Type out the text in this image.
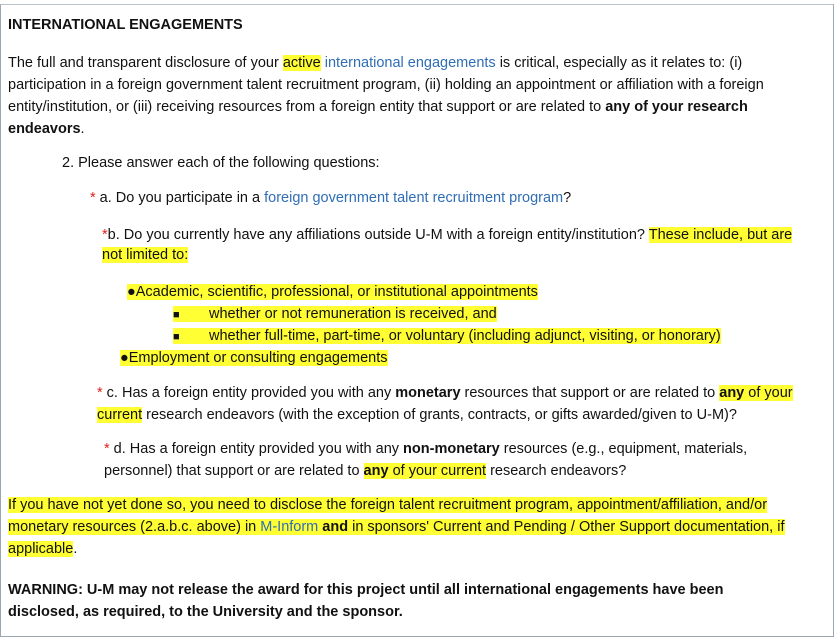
INTERNATIONAL ENGAGEMENTS
The full and transparent disclosure of your active international engagements is critical, especially as it relates to: (i)
participation in a foreign government talent recruitment program, (ii) holding an appointment or affiliation with a foreign
entity/institution, or (iii) receiving resources from a foreign entity that support or are related to any of your research
endeavors.
2. Please answer each of the following questions:
* a. Do you participate in a foreign government talent recruitment program?
*b. Do you currently have any affiliations outside U-M with a foreign entity/institution? These include, but are
not limited to:
●Academic, scientific, professional, or institutional appointments
■ whether or not remuneration is received, and
■ whether full-time, part-time, or voluntary (including adjunct, visiting, or honorary)
●Employment or consulting engagements
* c. Has a foreign entity provided you with any monetary resources that support or are related to any of your
current research endeavors (with the exception of grants, contracts, or gifts awarded/given to U-M)?
* d. Has a foreign entity provided you with any non-monetary resources (e.g., equipment, materials,
personnel) that support or are related to any of your current research endeavors?
If you have not yet done so, you need to disclose the foreign talent recruitment program, appointment/affiliation, and/or
monetary resources (2.a.b.c. above) in M-Inform and in sponsors' Current and Pending / Other Support documentation, if
applicable.
WARNING: U-M may not release the award for this project until all international engagements have been
disclosed, as required, to the University and the sponsor.
